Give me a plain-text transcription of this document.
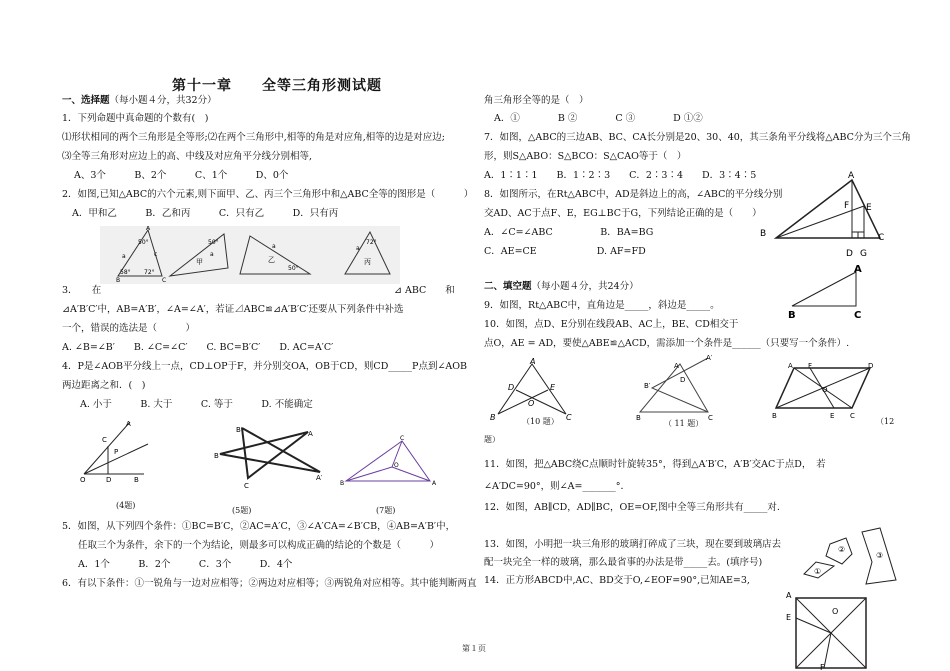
第十一章　　全等三角形测试题
一、选择题（每小题４分，共32分）
1．下列命题中真命题的个数有(　)
⑴形状相同的两个三角形是全等形;⑵在两个三角形中,相等的角是对应角,相等的边是对应边;
⑶全等三角形对应边上的高、中线及对应角平分线分别相等,
A、3个　　　B、2个　　　C、1个　　　D、0个
2．如图,已知△ABC的六个元素,则下面甲、乙、丙三个三角形中和△ABC全等的图形是（　　　）
A．甲和乙　　　B．乙和丙　　　C．只有乙　　　D．只有丙
50°
58° 72°
a	c
B	C
A
50°
甲
a
50°
乙
a
72°
丙
a
3．　　在	⊿ ABC　　和
⊿A′B′C′中，AB=A′B′，∠A=∠A′，若证⊿ABC≌⊿A′B′C′还要从下列条件中补选
一个，错误的选法是（　　　）
A. ∠B=∠B′　　B. ∠C=∠C′　　C. BC=B′C′　　D. AC=A′C′
4．P是∠AOB平分线上一点，CD⊥OP于F，并分别交OA，OB于CD，则CD_____P点到∠AOB
两边距离之和．(　)
A. 小于　　　B. 大于　　　C. 等于　　　D. 不能确定
A
C
P
O	D	B
B′	A
B
C
A′
C
O
B	A
(4题)
(5题)	(7题)
5．如图，从下列四个条件：①BC=B′C，②AC=A′C，③∠A′CA=∠B′CB，④AB=A′B′中，
任取三个为条件，余下的一个为结论，则最多可以构成正确的结论的个数是（　　　）
A．1个　　　B．2个　　　C．3个　　　D．4个
6．有以下条件：①一锐角与一边对应相等；②两边对应相等；③两锐角对应相等。其中能判断两直
角三角形全等的是（　）
A．①　　　　B ②　　　　C ③　　　　D ①②
7．如图，△ABC的三边AB、BC、CA长分别是20、30、40，其三条角平分线将△ABC分为三个三角
形，则S△ABO：S△BCO：S△CAO等于（　）
A．1∶1∶1　　B．1∶2∶3　　C．2∶3∶4　　D．3∶4∶5
8．如图所示，在Rt△ABC中，AD是斜边上的高，∠ABC的平分线分别
交AD、AC于点F、E，EG⊥BC于G，下列结论正确的是（　　）
A．∠C=∠ABC　　　　　B．BA=BG
C．AE=CE　　　　　　 D. AF=FD
A
F E
B	C
D G
二、填空题（每小题４分，共24分）
A
B	C
9．如图，Rt△ABC中，直角边是_____，斜边是_____。
10．如图，点D、E分别在线段AB、AC上，BE、CD相交于
点O，AE = AD，要使△ABE≌△ACD，需添加一个条件是______（只要写一个条件）.
A
D	E
O
B	C
A′
A
B′
D
B	C
A F	D
O
B	E C
（10 题）	（ 11 题）	（12
题）
11．如图，把△ABC绕C点顺时针旋转35°，得到△A′B′C，A′B′交AC于点D，　若
∠A′DC=90°，则∠A=_______°．
12．如图，AB∥CD，AD∥BC，OE=OF,图中全等三角形共有_____对.
13．如图，小明把一块三角形的玻璃打碎成了三块，现在要到玻璃店去
配一块完全一样的玻璃，那么最省事的办法是带_____去。(填序号)
14．正方形ABCD中,AC、BD交于O,∠EOF=90°,已知AE=3,
①
②
③
A
E
O
F
第１页
